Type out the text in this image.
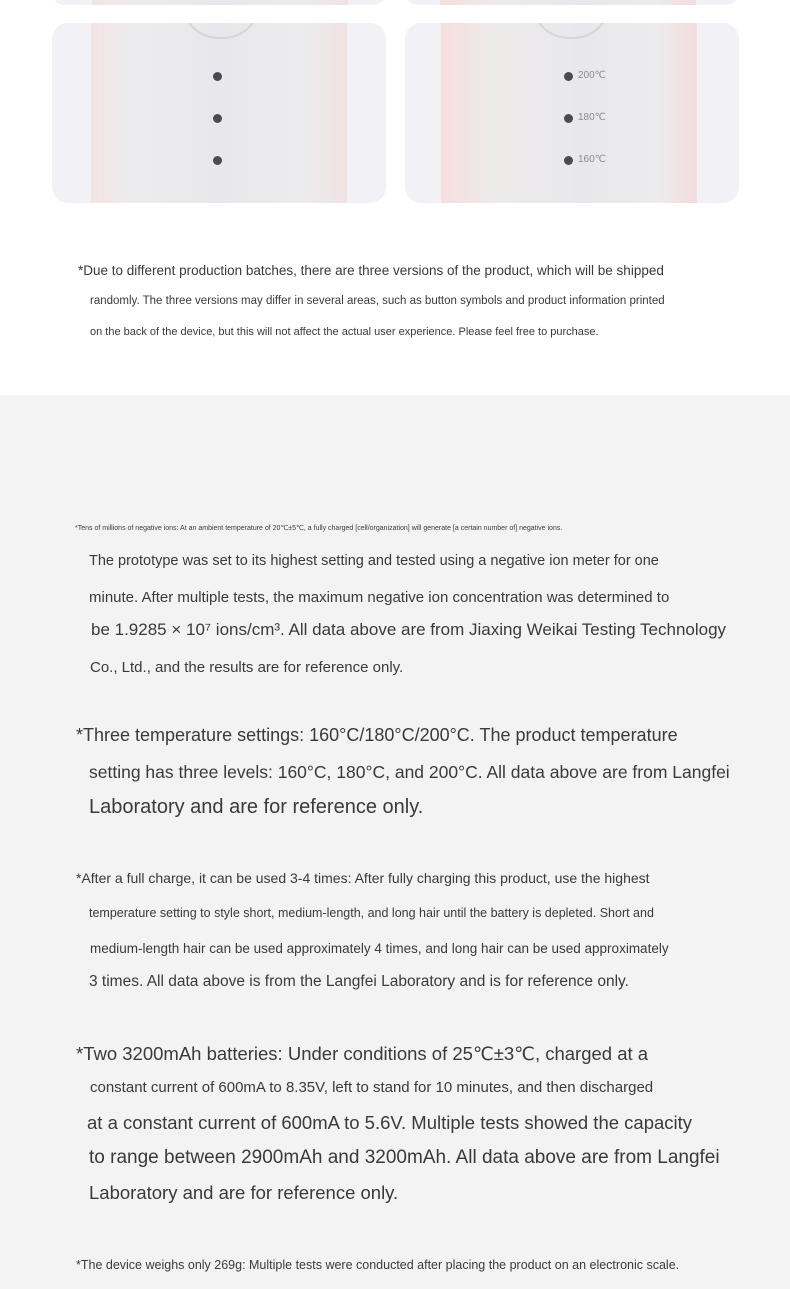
200℃
180℃
160℃
*Due to different production batches, there are three versions of the product, which will be shipped
randomly. The three versions may differ in several areas, such as button symbols and product information printed
on the back of the device, but this will not affect the actual user experience. Please feel free to purchase.
*Tens of millions of negative ions: At an ambient temperature of 20℃±5℃, a fully charged [cell/organization] will generate [a certain number of] negative ions.
The prototype was set to its highest setting and tested using a negative ion meter for one
minute. After multiple tests, the maximum negative ion concentration was determined to
be 1.9285 × 10⁷ ions/cm³. All data above are from Jiaxing Weikai Testing Technology
Co., Ltd., and the results are for reference only.
*Three temperature settings: 160°C/180°C/200°C. The product temperature
setting has three levels: 160°C, 180°C, and 200°C. All data above are from Langfei
Laboratory and are for reference only.
*After a full charge, it can be used 3-4 times: After fully charging this product, use the highest
temperature setting to style short, medium-length, and long hair until the battery is depleted. Short and
medium-length hair can be used approximately 4 times, and long hair can be used approximately
3 times. All data above is from the Langfei Laboratory and is for reference only.
*Two 3200mAh batteries: Under conditions of 25℃±3℃, charged at a
constant current of 600mA to 8.35V, left to stand for 10 minutes, and then discharged
at a constant current of 600mA to 5.6V. Multiple tests showed the capacity
to range between 2900mAh and 3200mAh. All data above are from Langfei
Laboratory and are for reference only.
*The device weighs only 269g: Multiple tests were conducted after placing the product on an electronic scale.
